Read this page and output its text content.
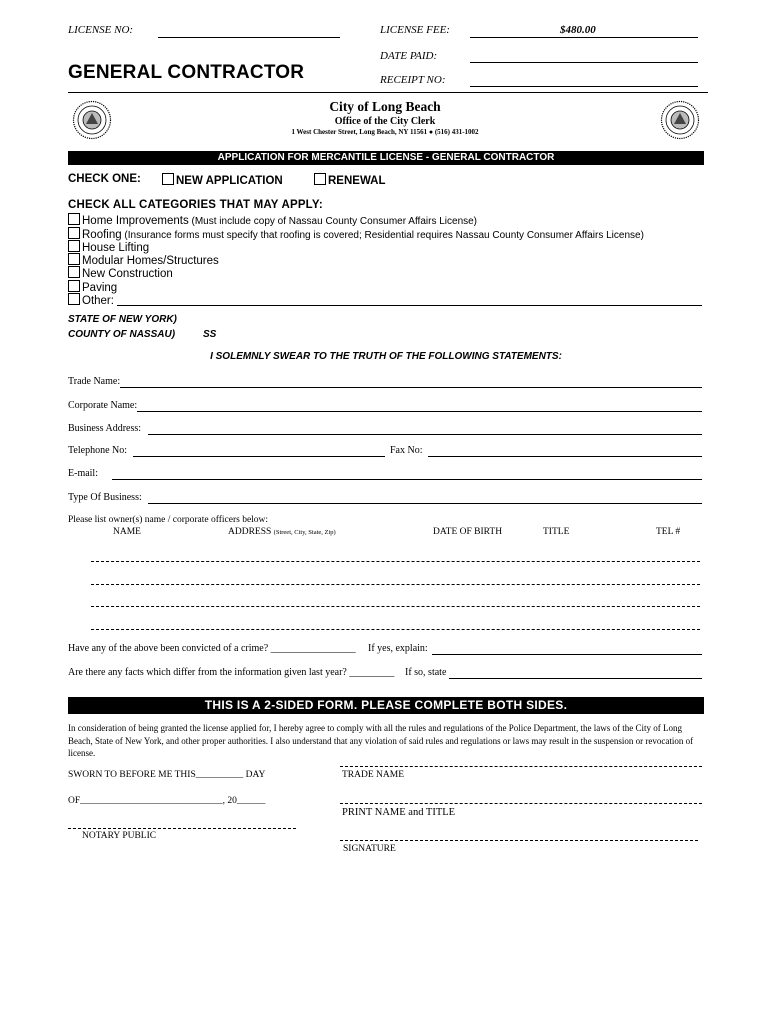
LICENSE NO:	LICENSE FEE:	$480.00
DATE PAID:
GENERAL CONTRACTOR	RECEIPT NO:
City of Long Beach
Office of the City Clerk
1 West Chester Street, Long Beach, NY 11561 ● (516) 431-1002
APPLICATION FOR MERCANTILE LICENSE - GENERAL CONTRACTOR
CHECK ONE:	NEW APPLICATION	RENEWAL
CHECK ALL CATEGORIES THAT MAY APPLY:
Home Improvements (Must include copy of Nassau County Consumer Affairs License)
Roofing (Insurance forms must specify that roofing is covered; Residential requires Nassau County Consumer Affairs License)
House Lifting
Modular Homes/Structures
New Construction
Paving
Other:
STATE OF NEW YORK)
COUNTY OF NASSAU)	SS
I SOLEMNLY SWEAR TO THE TRUTH OF THE FOLLOWING STATEMENTS:
Trade Name:
Corporate Name:
Business Address:
Telephone No:	Fax No:
E-mail:
Type Of Business:
Please list owner(s) name / corporate officers below:
NAME	ADDRESS (Street, City, State, Zip)	DATE OF BIRTH	TITLE	TEL #
Have any of the above been convicted of a crime? _________________ If yes, explain:
Are there any facts which differ from the information given last year? _________ If so, state
THIS IS A 2-SIDED FORM. PLEASE COMPLETE BOTH SIDES.
In consideration of being granted the license applied for, I hereby agree to comply with all the rules and regulations of the Police Department, the laws of the City of Long Beach, State of New York, and other proper authorities. I also understand that any violation of said rules and regulations or laws may result in the suspension or revocation of license.
SWORN TO BEFORE ME THIS__________ DAY
OF______________________________, 20______
NOTARY PUBLIC
TRADE NAME
PRINT NAME and TITLE
SIGNATURE
